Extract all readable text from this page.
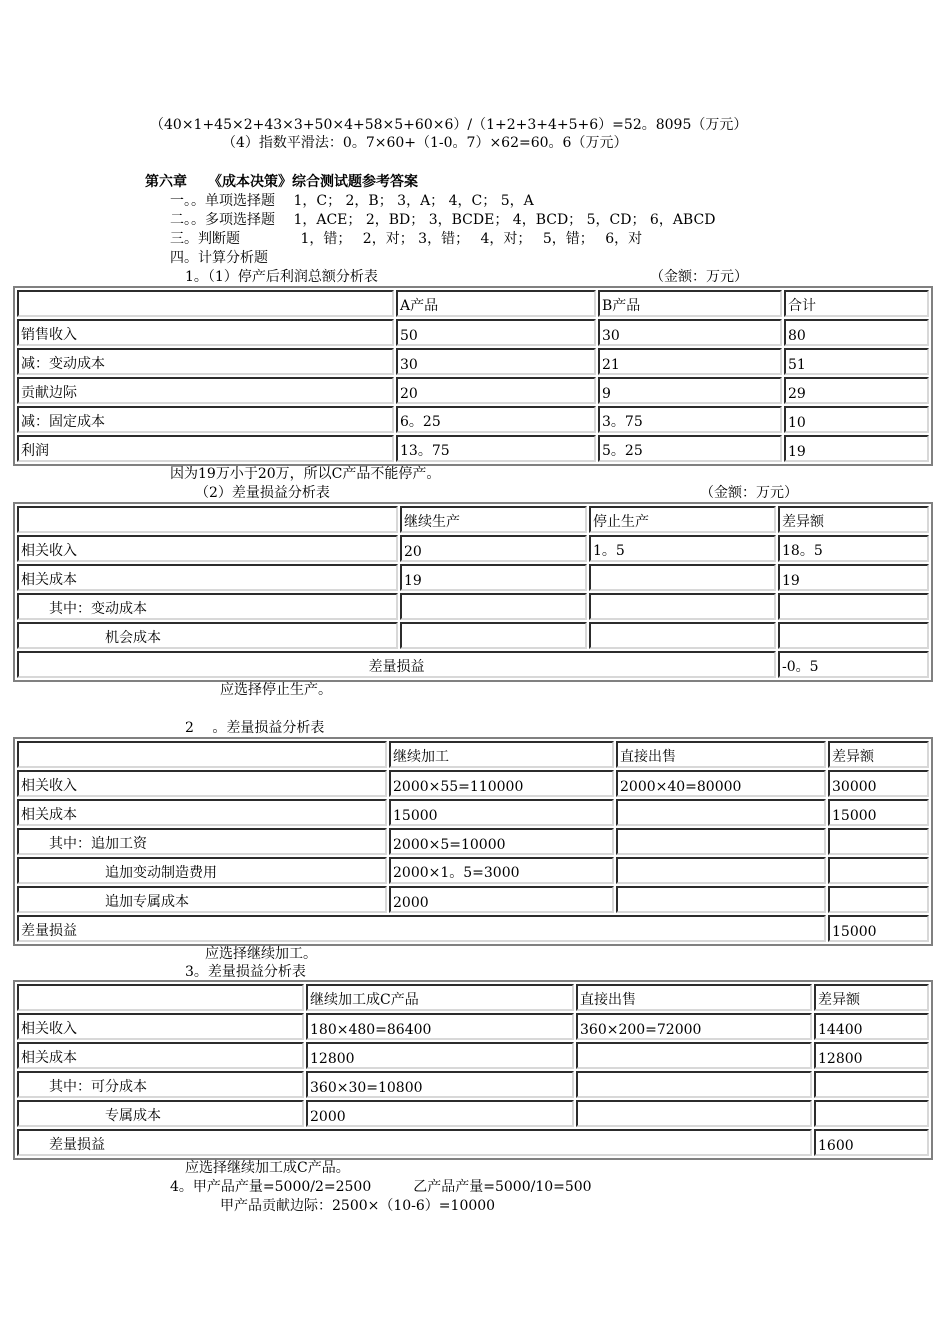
（40×1+45×2+43×3+50×4+58×5+60×6）/（1+2+3+4+5+6）=52。8095（万元）
（4）指数平滑法：0。7×60+（1-0。7）×62=60。6（万元）
第六章　　《成本决策》综合测试题参考答案
一。。单项选择题　 1，C； 2，B； 3，A； 4，C； 5，A
二。。多项选择题　 1，ACE； 2，BD； 3，BCDE； 4，BCD； 5，CD； 6，ABCD
三。判断题　　　　 1，错；　 2，对； 3，错；　 4，对；　 5，错；　 6，对
四。计算分析题
1。（1）停产后利润总额分析表	（金额：万元）
	A产品	B产品	合计
销售收入	50	30	80
减：变动成本	30	21	51
贡献边际	20	9	29
减：固定成本	6。25	3。75	10
利润	13。75	5。25	19
因为19万小于20万，所以C产品不能停产。
（2）差量损益分析表	（金额：万元）
	继续生产	停止生产	差异额
相关收入	20	1。5	18。5
相关成本	19		19
　　其中：变动成本			
　　　　　　机会成本			
差量损益			-0。5
应选择停止生产。
2　 。差量损益分析表
	继续加工	直接出售	差异额
相关收入	2000×55=110000	2000×40=80000	30000
相关成本	15000		15000
　　其中：追加工资	2000×5=10000		
　　　　　　追加变动制造费用	2000×1。5=3000		
　　　　　　追加专属成本	2000		
差量损益			15000
应选择继续加工。
3。差量损益分析表
	继续加工成C产品	直接出售	差异额
相关收入	180×480=86400	360×200=72000	14400
相关成本	12800		12800
　　其中：可分成本	360×30=10800		
　　　　　　专属成本	2000		
　　差量损益			1600
应选择继续加工成C产品。
4。甲产品产量=5000/2=2500　　　乙产品产量=5000/10=500
甲产品贡献边际：2500×（10-6）=10000
